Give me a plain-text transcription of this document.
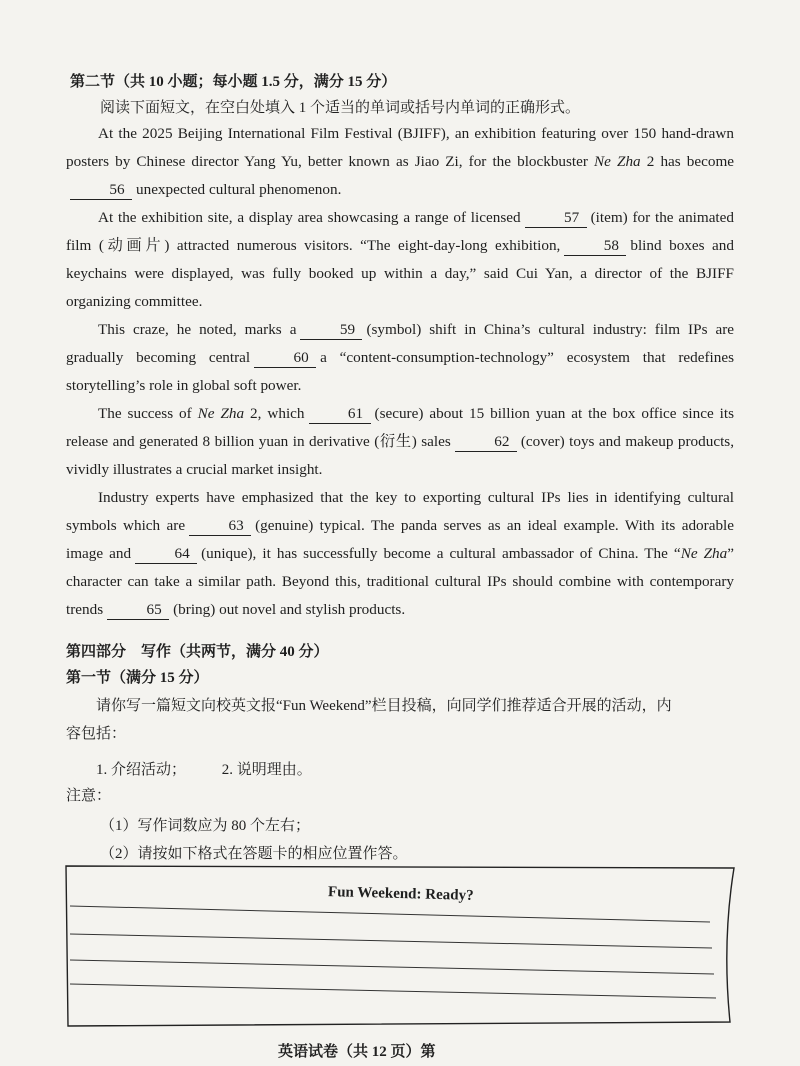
第二节（共 10 小题；每小题 1.5 分，满分 15 分）
阅读下面短文，在空白处填入 1 个适当的单词或括号内单词的正确形式。

At the 2025 Beijing International Film Festival (BJIFF), an exhibition featuring over 150 hand-drawn posters by Chinese director Yang Yu, better known as Jiao Zi, for the blockbuster Ne Zha 2 has become56 unexpected cultural phenomenon.

At the exhibition site, a display area showcasing a range of licensed	57 (item) for the animated film (动画片) attracted numerous visitors. “The eight-day-long exhibition,	58 blind boxes and keychains were displayed, was fully booked up within a day,” said Cui Yan, a director of the BJIFF organizing committee.

This craze, he noted, marks a	59 (symbol) shift in China’s cultural industry: film IPs are gradually becoming central	60 a “content-consumption-technology” ecosystem that redefines storytelling’s role in global soft power.

The success of Ne Zha 2, which	61 (secure) about 15 billion yuan at the box office since its release and generated 8 billion yuan in derivative (衍生) sales	62 (cover) toys and makeup products, vividly illustrates a crucial market insight.

Industry experts have emphasized that the key to exporting cultural IPs lies in identifying cultural symbols which are	63 (genuine) typical. The panda serves as an ideal example. With its adorable image and	64 (unique), it has successfully become a cultural ambassador of China. The “Ne Zha” character can take a similar path. Beyond this, traditional cultural IPs should combine with contemporary trends	65 (bring) out novel and stylish products.

第四部分　写作（共两节，满分 40 分）
第一节（满分 15 分）

请你写一篇短文向校英文报“Fun Weekend”栏目投稿，向同学们推荐适合开展的活动，内

容包括：

1. 介绍活动； 2. 说明理由。
注意：
（1）写作词数应为 80 个左右；
（2）请按如下格式在答题卡的相应位置作答。
Fun Weekend: Ready?
英语试卷（共 12 页）第
